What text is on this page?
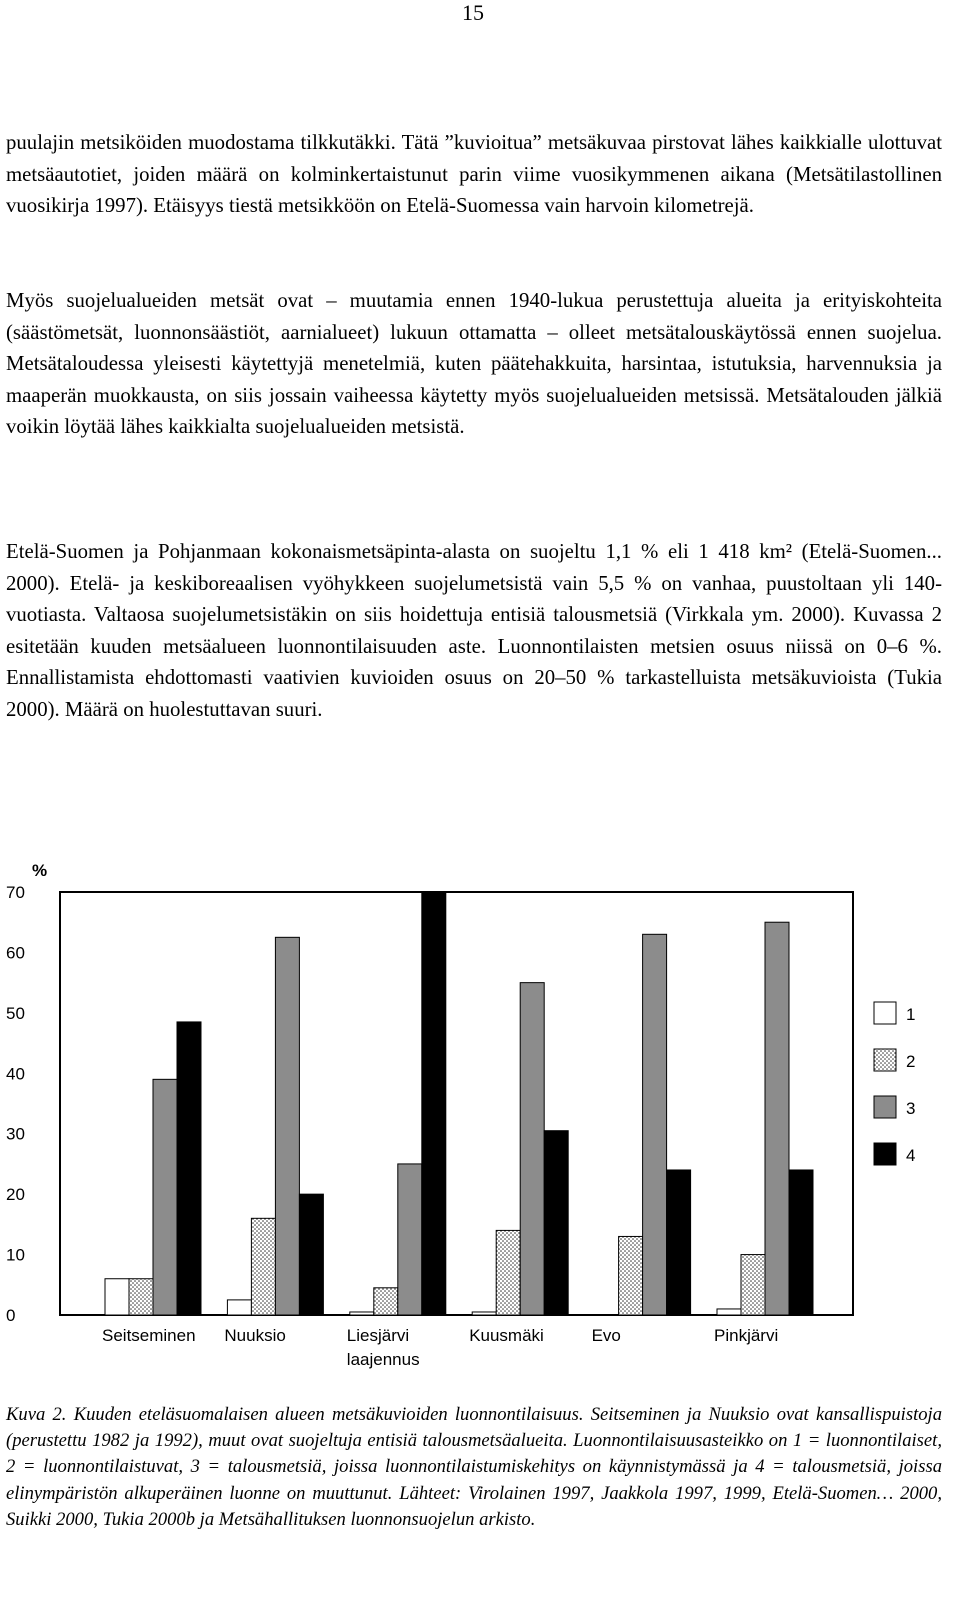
15

puulajin metsiköiden muodostama tilkkutäkki. Tätä ”kuvioitua” metsäkuvaa pirstovat lähes kaikkialle ulottuvat metsäautotiet, joiden määrä on kolminkertaistunut parin viime vuosikymmenen aikana (Metsätilastollinen vuosikirja 1997). Etäisyys tiestä metsikköön on Etelä-Suomessa vain harvoin kilometrejä.

Myös suojelualueiden metsät ovat – muutamia ennen 1940-lukua perustettuja alueita ja erityiskohteita (säästömetsät, luonnonsäästiöt, aarnialueet) lukuun ottamatta – olleet metsätalouskäytössä ennen suojelua. Metsätaloudessa yleisesti käytettyjä menetelmiä, kuten päätehakkuita, harsintaa, istutuksia, harvennuksia ja maaperän muokkausta, on siis jossain vaiheessa käytetty myös suojelualueiden metsissä. Metsätalouden jälkiä voikin löytää lähes kaikkialta suojelualueiden metsistä.

Etelä-Suomen ja Pohjanmaan kokonaismetsäpinta-alasta on suojeltu 1,1 % eli 1 418 km² (Etelä-Suomen... 2000). Etelä- ja keskiboreaalisen vyöhykkeen suojelumetsistä vain 5,5 % on vanhaa, puustoltaan yli 140-vuotiasta. Valtaosa suojelumetsistäkin on siis hoidettuja entisiä talousmetsiä (Virkkala ym. 2000). Kuvassa 2 esitetään kuuden metsäalueen luonnontilaisuuden aste. Luonnontilaisten metsien osuus niissä on 0–6 %. Ennallistamista ehdottomasti vaativien kuvioiden osuus on 20–50 % tarkastelluista metsäkuvioista (Tukia 2000). Määrä on huolestuttavan suuri.

%
0
10
20
30
40
50
60
70
Seitseminen Nuuksio	Liesjärvi
laajennus
Kuusmäki	Evo	Pinkjärvi
1
2
3
4

Kuva 2. Kuuden eteläsuomalaisen alueen metsäkuvioiden luonnontilaisuus. Seitseminen ja Nuuksio ovat kansallispuistoja (perustettu 1982 ja 1992), muut ovat suojeltuja entisiä talousmetsäalueita. Luonnontilaisuusasteikko on 1 = luonnontilaiset, 2 = luonnontilaistuvat, 3 = talousmetsiä, joissa luonnontilaistumiskehitys on käynnistymässä ja 4 = talousmetsiä, joissa elinympäristön alkuperäinen luonne on muuttunut. Lähteet: Virolainen 1997, Jaakkola 1997, 1999, Etelä-Suomen… 2000, Suikki 2000, Tukia 2000b ja Metsähallituksen luonnonsuojelun arkisto.
